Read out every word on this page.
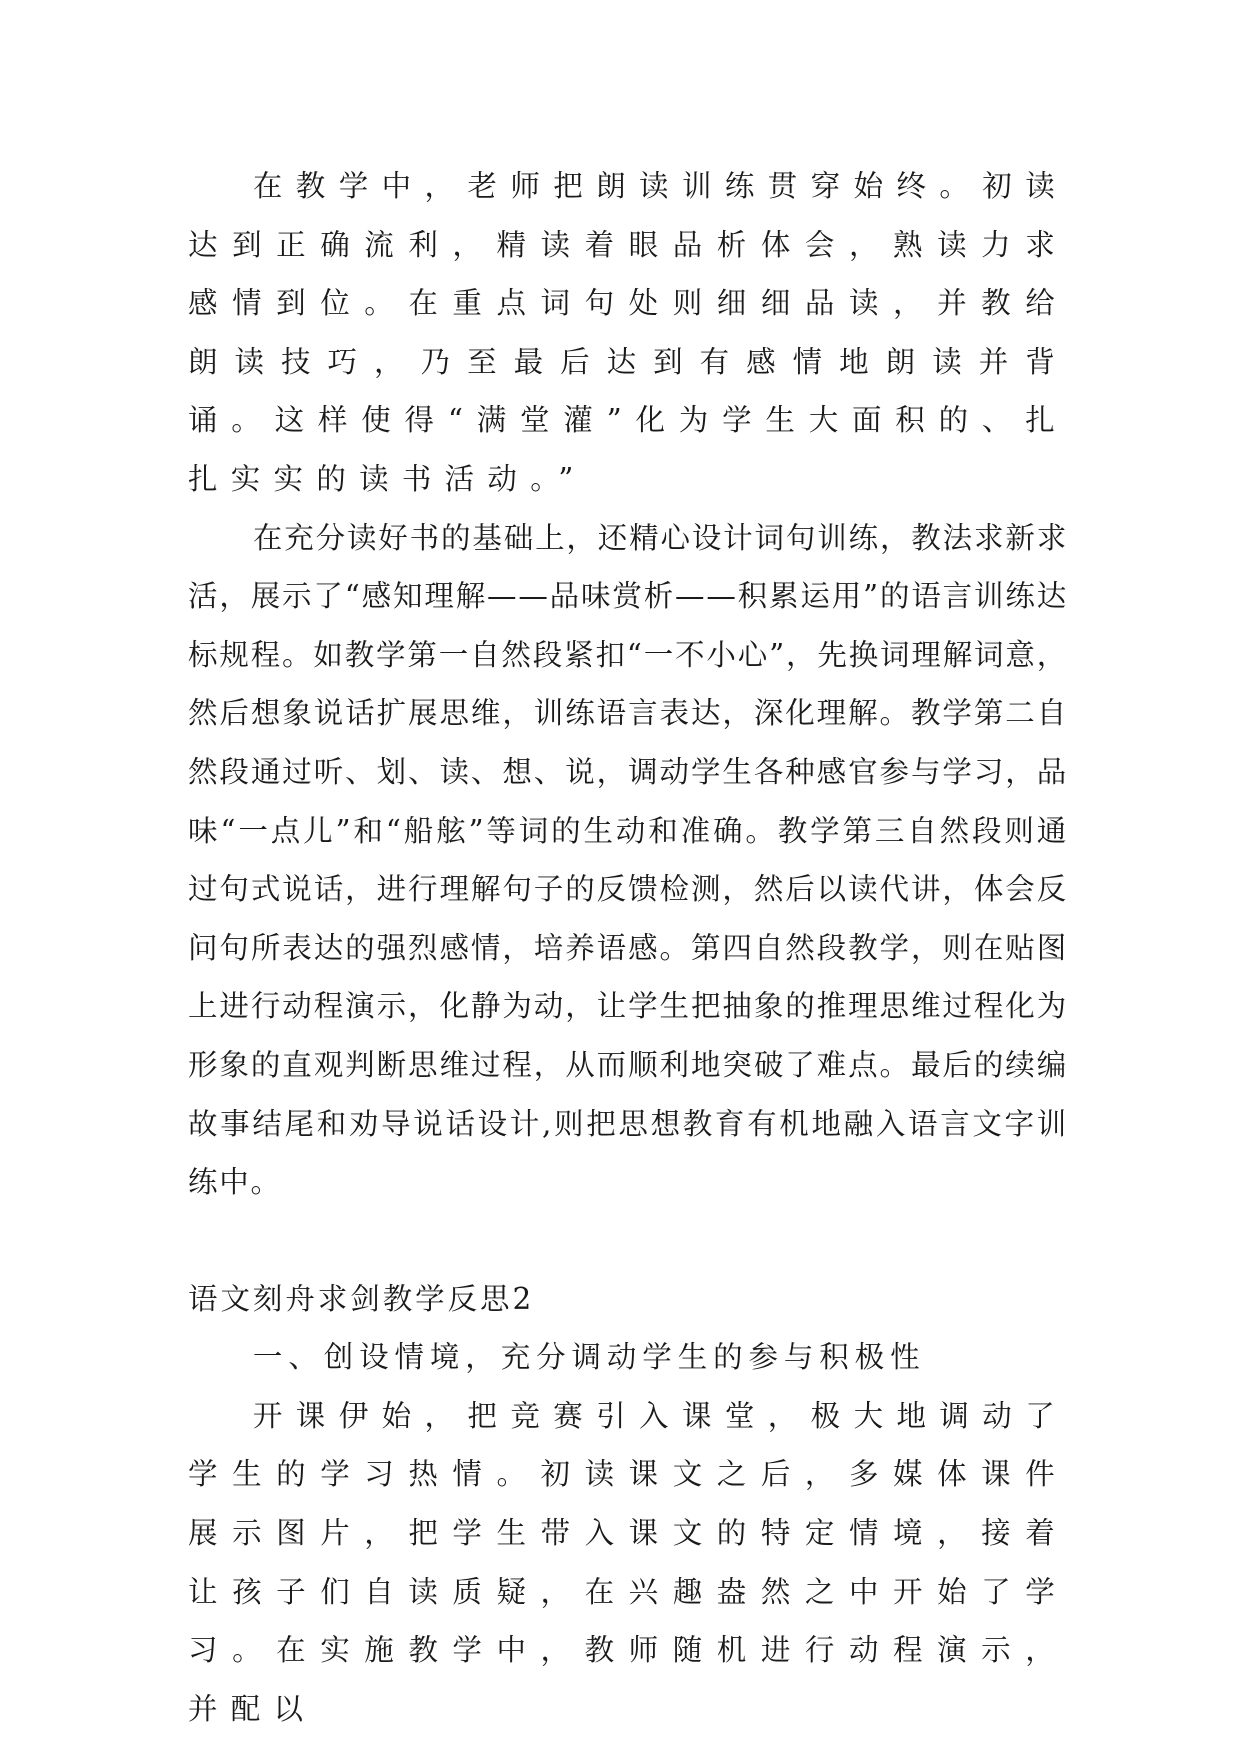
在教学中，老师把朗读训练贯穿始终。初读达到正确流利，精读着眼品析体会，熟读力求感情到位。在重点词句处则细细品读，并教给朗读技巧，乃至最后达到有感情地朗读并背诵。这样使得“满堂灌”化为学生大面积的、扎扎实实的读书活动。”

在充分读好书的基础上，还精心设计词句训练，教法求新求活，展示了“感知理解——品味赏析——积累运用”的语言训练达标规程。如教学第一自然段紧扣“一不小心”，先换词理解词意，然后想象说话扩展思维，训练语言表达，深化理解。教学第二自然段通过听、划、读、想、说，调动学生各种感官参与学习，品味“一点儿”和“船舷”等词的生动和准确。教学第三自然段则通过句式说话，进行理解句子的反馈检测，然后以读代讲，体会反问句所表达的强烈感情，培养语感。第四自然段教学，则在贴图上进行动程演示，化静为动，让学生把抽象的推理思维过程化为形象的直观判断思维过程，从而顺利地突破了难点。最后的续编故事结尾和劝导说话设计,则把思想教育有机地融入语言文字训练中。

语文刻舟求剑教学反思2

一、创设情境，充分调动学生的参与积极性

开课伊始，把竞赛引入课堂，极大地调动了学生的学习热情。初读课文之后，多媒体课件展示图片，把学生带入课文的特定情境，接着让孩子们自读质疑，在兴趣盎然之中开始了学习。在实施教学中，教师随机进行动程演示，并配以
